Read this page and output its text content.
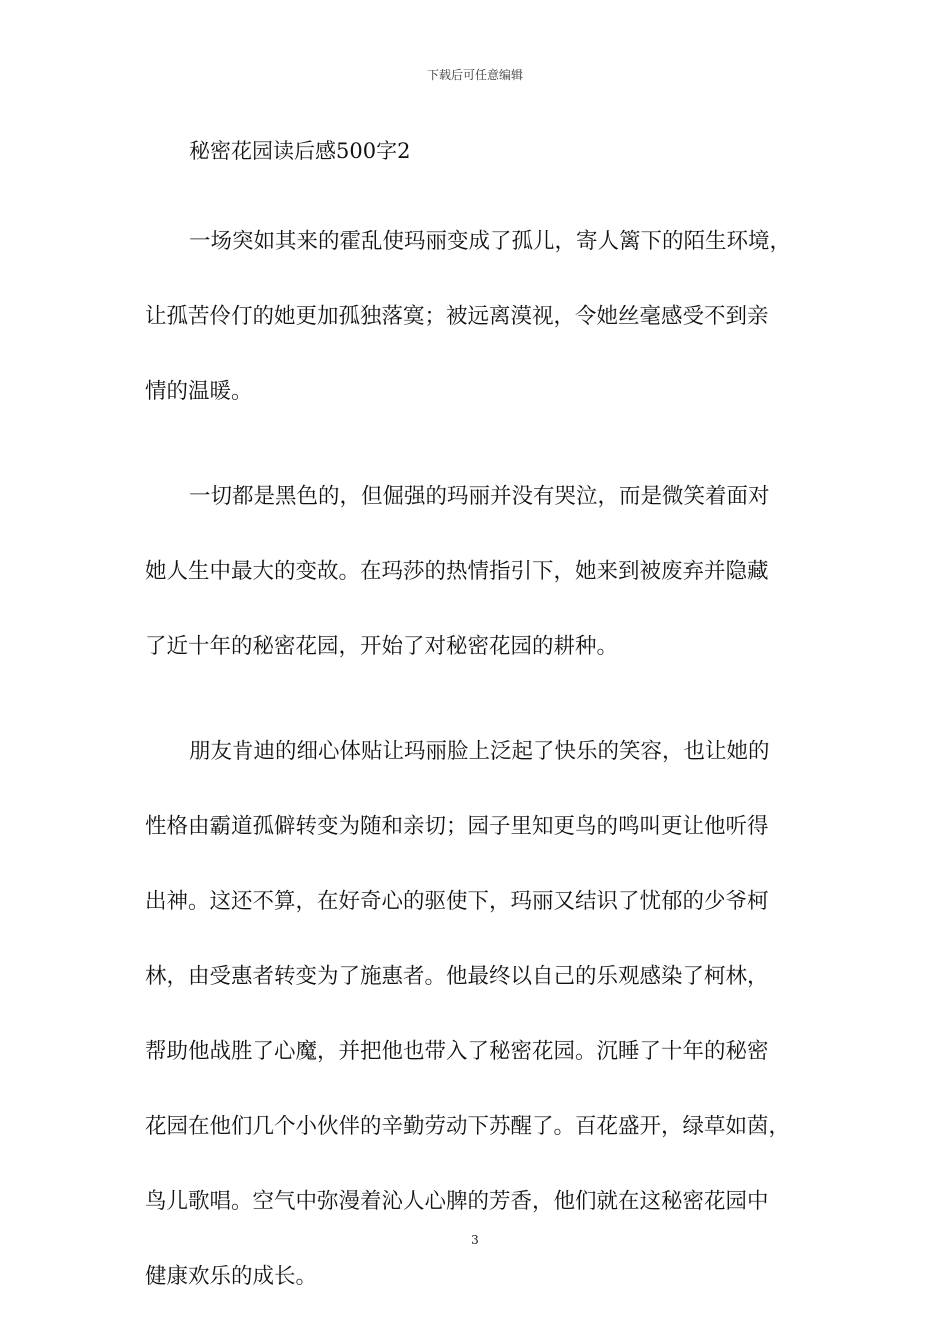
下载后可任意编辑
秘密花园读后感500字2

一场突如其来的霍乱使玛丽变成了孤儿，寄人篱下的陌生环境，
让孤苦伶仃的她更加孤独落寞；被远离漠视，令她丝毫感受不到亲
情的温暖。

一切都是黑色的，但倔强的玛丽并没有哭泣，而是微笑着面对
她人生中最大的变故。在玛莎的热情指引下，她来到被废弃并隐藏
了近十年的秘密花园，开始了对秘密花园的耕种。

朋友肯迪的细心体贴让玛丽脸上泛起了快乐的笑容，也让她的
性格由霸道孤僻转变为随和亲切；园子里知更鸟的鸣叫更让他听得
出神。这还不算，在好奇心的驱使下，玛丽又结识了忧郁的少爷柯
林，由受惠者转变为了施惠者。他最终以自己的乐观感染了柯林，
帮助他战胜了心魔，并把他也带入了秘密花园。沉睡了十年的秘密
花园在他们几个小伙伴的辛勤劳动下苏醒了。百花盛开，绿草如茵，
鸟儿歌唱。空气中弥漫着沁人心脾的芳香，他们就在这秘密花园中
健康欢乐的成长。

3
